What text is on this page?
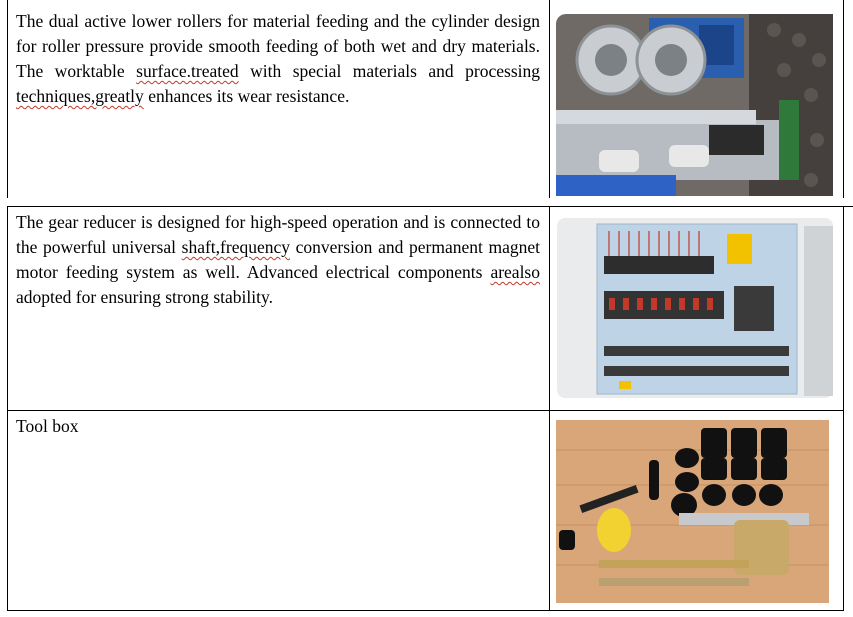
The dual active lower rollers for material feeding and the cylinder design for roller pressure provide smooth feeding of both wet and dry materials. The worktable surface.treated with special materials and processing techniques,greatly enhances its wear resistance.
The gear reducer is designed for high-speed operation and is connected to the powerful universal shaft,frequency conversion and permanent magnet motor feeding system as well. Advanced electrical components arealso adopted for ensuring strong stability.
Tool box
